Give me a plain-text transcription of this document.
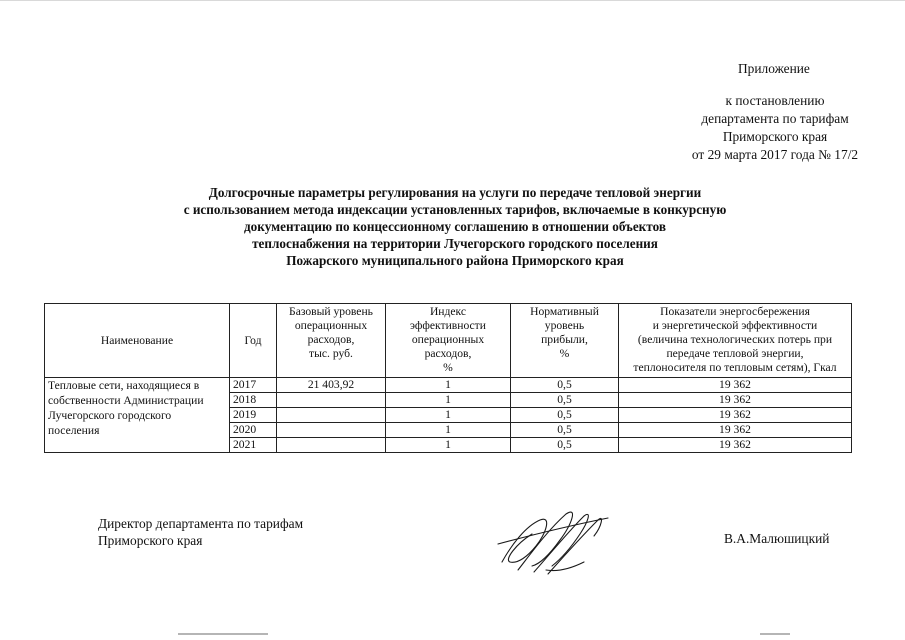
Приложение
к постановлению
департамента по тарифам
Приморского края
от 29 марта 2017 года № 17/2
Долгосрочные параметры регулирования на услуги по передаче тепловой энергии
с использованием метода индексации установленных тарифов, включаемые в конкурсную
документацию по концессионному соглашению в отношении объектов
теплоснабжения на территории Лучегорского городского поселения
Пожарского муниципального района Приморского края
Наименование	Год	Базовый уровень
операционных
расходов,
тыс. руб.	Индекс
эффективности
операционных
расходов,
%	Нормативный
уровень
прибыли,
%	Показатели энергосбережения
и энергетической эффективности
(величина технологических потерь при
передаче тепловой энергии,
теплоносителя по тепловым сетям), Гкал
Тепловые сети, находящиеся в
собственности Администрации
Лучегорского городского
поселения	2017	21 403,92	1	0,5	19 362
	2018		1	0,5	19 362
	2019		1	0,5	19 362
	2020		1	0,5	19 362
	2021		1	0,5	19 362
Директор департамента по тарифам
Приморского края	В.А.Малюшицкий
